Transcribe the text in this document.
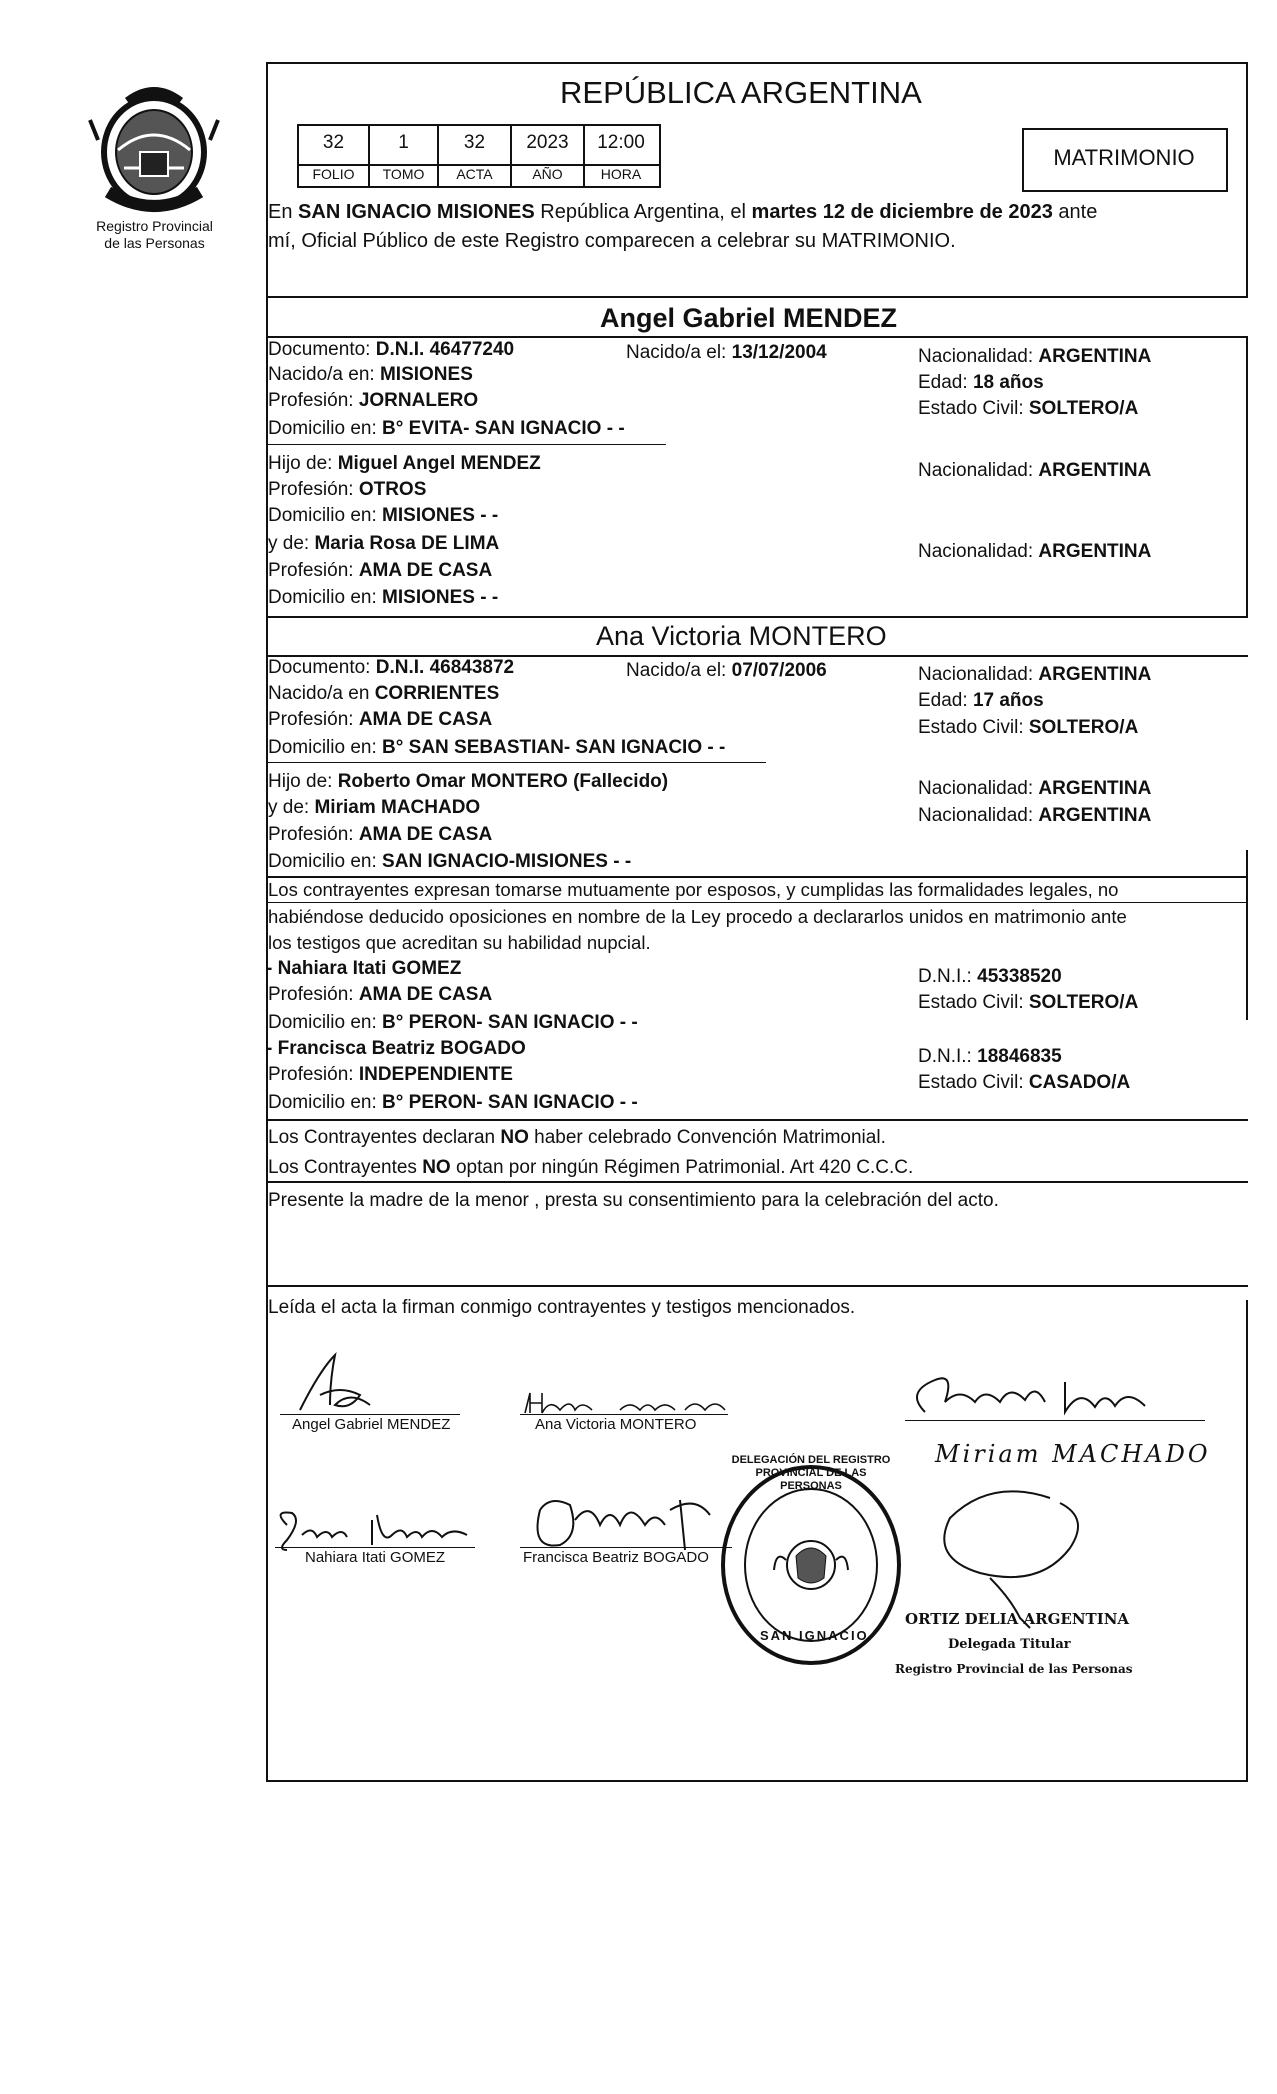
Registro Provincial
de las Personas
REPÚBLICA ARGENTINA
32	1	32	2023	12:00
FOLIO	TOMO	ACTA	AÑO	HORA
MATRIMONIO
En SAN IGNACIO MISIONES República Argentina, el martes 12 de diciembre de 2023 ante
mí, Oficial Público de este Registro comparecen a celebrar su MATRIMONIO.
Angel Gabriel MENDEZ
Documento: D.N.I. 46477240	Nacido/a el: 13/12/2004	Nacionalidad: ARGENTINA
Nacido/a en: MISIONES	Edad: 18 años
Profesión: JORNALERO	Estado Civil: SOLTERO/A
Domicilio en: B° EVITA- SAN IGNACIO - -
Hijo de: Miguel Angel MENDEZ	Nacionalidad: ARGENTINA
Profesión: OTROS
Domicilio en: MISIONES - -
y de: Maria Rosa DE LIMA	Nacionalidad: ARGENTINA
Profesión: AMA DE CASA
Domicilio en: MISIONES - -
Ana Victoria MONTERO
Documento: D.N.I. 46843872	Nacido/a el: 07/07/2006	Nacionalidad: ARGENTINA
Nacido/a en CORRIENTES	Edad: 17 años
Profesión: AMA DE CASA	Estado Civil: SOLTERO/A
Domicilio en: B° SAN SEBASTIAN- SAN IGNACIO - -
Hijo de: Roberto Omar MONTERO (Fallecido)	Nacionalidad: ARGENTINA
y de: Miriam MACHADO	Nacionalidad: ARGENTINA
Profesión: AMA DE CASA
Domicilio en: SAN IGNACIO-MISIONES - -
Los contrayentes expresan tomarse mutuamente por esposos, y cumplidas las formalidades legales, no
habiéndose deducido oposiciones en nombre de la Ley procedo a declararlos unidos en matrimonio ante
los testigos que acreditan su habilidad nupcial.
- Nahiara Itati GOMEZ	D.N.I.: 45338520
Profesión: AMA DE CASA	Estado Civil: SOLTERO/A
Domicilio en: B° PERON- SAN IGNACIO - -
- Francisca Beatriz BOGADO	D.N.I.: 18846835
Profesión: INDEPENDIENTE	Estado Civil: CASADO/A
Domicilio en: B° PERON- SAN IGNACIO - -
Los Contrayentes declaran NO haber celebrado Convención Matrimonial.
Los Contrayentes NO optan por ningún Régimen Patrimonial. Art 420 C.C.C.
Presente la madre de la menor , presta su consentimiento para la celebración del acto.
Leída el acta la firman conmigo contrayentes y testigos mencionados.
Angel Gabriel MENDEZ	Ana Victoria MONTERO
Miriam MACHADO
Nahiara Itati GOMEZ	Francisca Beatriz BOGADO
DELEGACIÓN DEL REGISTRO PROVINCIAL DE LAS PERSONAS
SAN IGNACIO
ORTIZ DELIA ARGENTINA
Delegada Titular
Registro Provincial de las Personas
